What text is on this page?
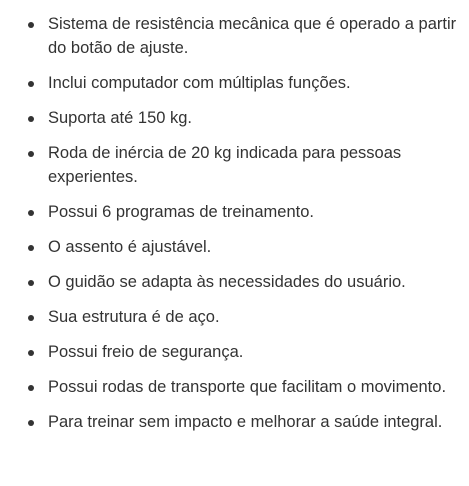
Sistema de resistência mecânica que é operado a partir do botão de ajuste.
Inclui computador com múltiplas funções.
Suporta até 150 kg.
Roda de inércia de 20 kg indicada para pessoas experientes.
Possui 6 programas de treinamento.
O assento é ajustável.
O guidão se adapta às necessidades do usuário.
Sua estrutura é de aço.
Possui freio de segurança.
Possui rodas de transporte que facilitam o movimento.
Para treinar sem impacto e melhorar a saúde integral.
